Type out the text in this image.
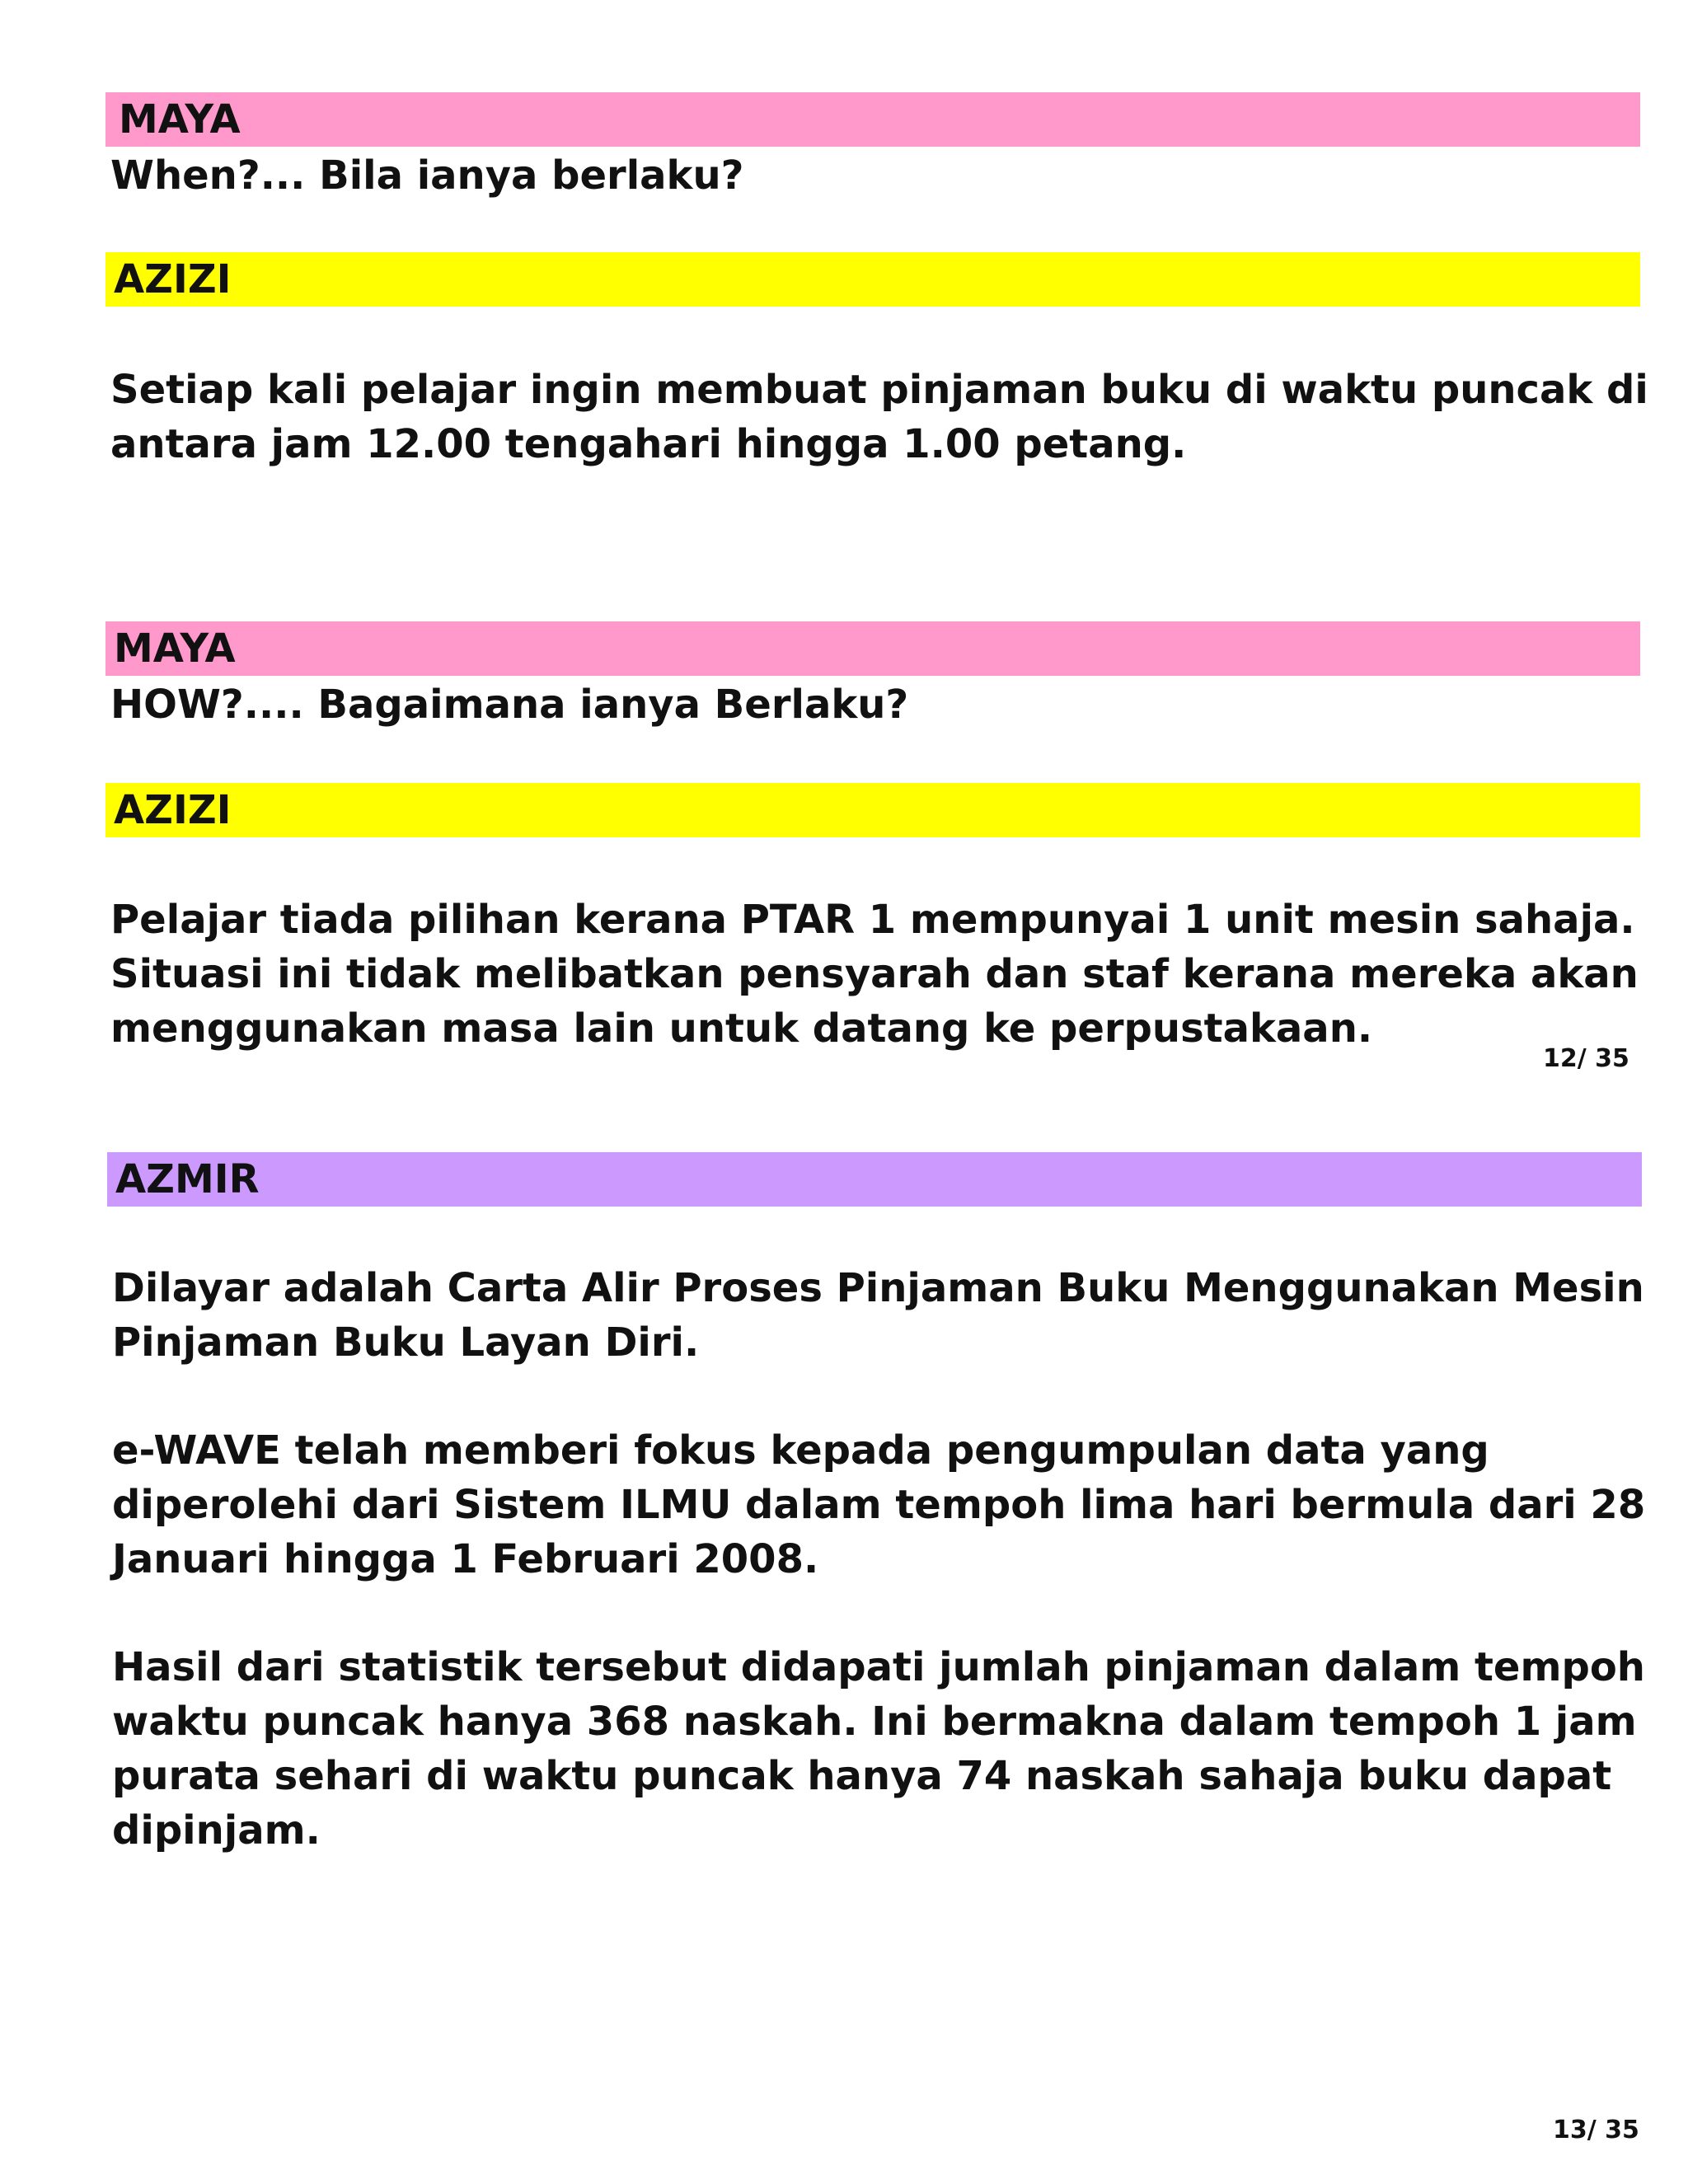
MAYA

When?... Bila ianya berlaku?

AZIZI
Setiap kali pelajar ingin membuat pinjaman buku di waktu puncak di
antara jam 12.00 tengahari hingga 1.00 petang.
MAYA

HOW?.... Bagaimana ianya Berlaku?

AZIZI
Pelajar tiada pilihan kerana PTAR 1 mempunyai 1 unit mesin sahaja.
Situasi ini tidak melibatkan pensyarah dan staf kerana mereka akan
menggunakan masa lain untuk datang ke perpustakaan.
12/ 35
AZMIR
Dilayar adalah Carta Alir Proses Pinjaman Buku Menggunakan Mesin
Pinjaman Buku Layan Diri.
e-WAVE telah memberi fokus kepada pengumpulan data yang
diperolehi dari Sistem ILMU dalam tempoh lima hari bermula dari 28
Januari hingga 1 Februari 2008.
Hasil dari statistik tersebut didapati jumlah pinjaman dalam tempoh
waktu puncak hanya 368 naskah. Ini bermakna dalam tempoh 1 jam
purata sehari di waktu puncak hanya 74 naskah sahaja buku dapat
dipinjam.
13/ 35
